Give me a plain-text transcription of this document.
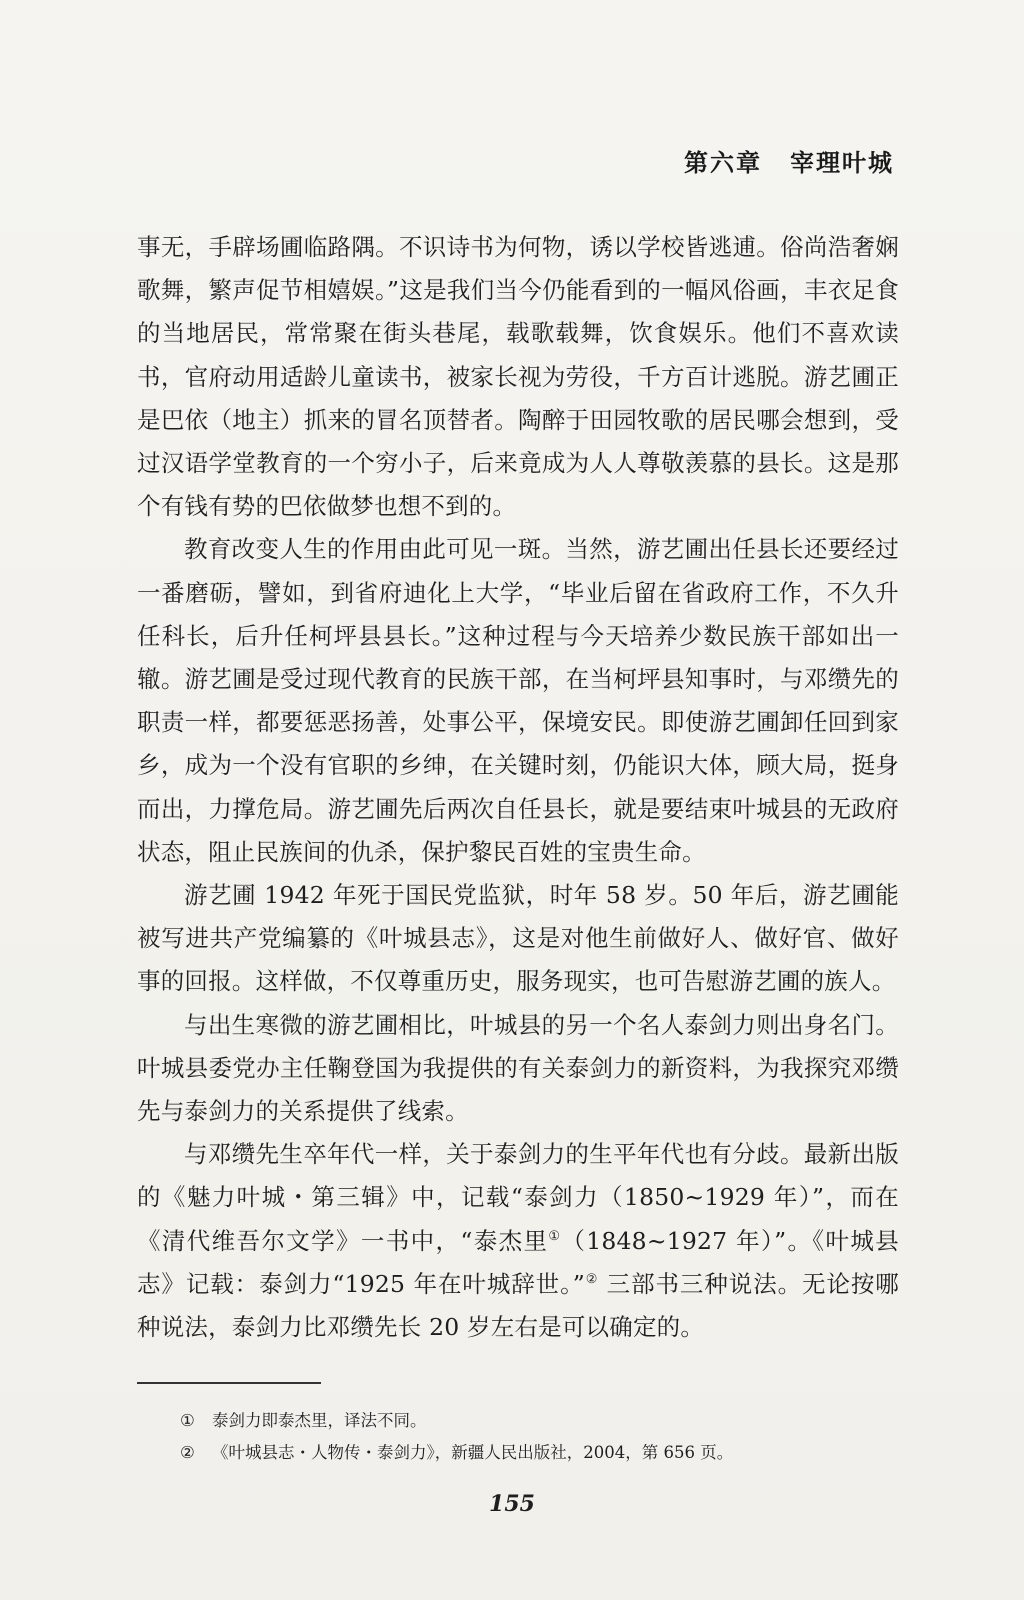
第六章 宰理叶城

事无，手辟场圃临路隅。不识诗书为何物，诱以学校皆逃逋。俗尚浩奢娴歌舞，繁声促节相嬉娱。”这是我们当今仍能看到的一幅风俗画，丰衣足食的当地居民，常常聚在街头巷尾，载歌载舞，饮食娱乐。他们不喜欢读书，官府动用适龄儿童读书，被家长视为劳役，千方百计逃脱。游艺圃正是巴依（地主）抓来的冒名顶替者。陶醉于田园牧歌的居民哪会想到，受过汉语学堂教育的一个穷小子，后来竟成为人人尊敬羡慕的县长。这是那个有钱有势的巴依做梦也想不到的。

教育改变人生的作用由此可见一斑。当然，游艺圃出任县长还要经过一番磨砺，譬如，到省府迪化上大学，“毕业后留在省政府工作，不久升任科长，后升任柯坪县县长。”这种过程与今天培养少数民族干部如出一辙。游艺圃是受过现代教育的民族干部，在当柯坪县知事时，与邓缵先的职责一样，都要惩恶扬善，处事公平，保境安民。即使游艺圃卸任回到家乡，成为一个没有官职的乡绅，在关键时刻，仍能识大体，顾大局，挺身而出，力撑危局。游艺圃先后两次自任县长，就是要结束叶城县的无政府状态，阻止民族间的仇杀，保护黎民百姓的宝贵生命。

游艺圃 1942 年死于国民党监狱，时年 58 岁。50 年后，游艺圃能被写进共产党编纂的《叶城县志》，这是对他生前做好人、做好官、做好事的回报。这样做，不仅尊重历史，服务现实，也可告慰游艺圃的族人。

与出生寒微的游艺圃相比，叶城县的另一个名人泰剑力则出身名门。叶城县委党办主任鞠登国为我提供的有关泰剑力的新资料，为我探究邓缵先与泰剑力的关系提供了线索。

与邓缵先生卒年代一样，关于泰剑力的生平年代也有分歧。最新出版的《魅力叶城・第三辑》中，记载“泰剑力（1850~1929 年）”，而在《清代维吾尔文学》一书中，“泰杰里①（1848~1927 年）”。《叶城县志》记载：泰剑力“1925 年在叶城辞世。”② 三部书三种说法。无论按哪种说法，泰剑力比邓缵先长 20 岁左右是可以确定的。

① 泰剑力即泰杰里，译法不同。
② 《叶城县志・人物传・泰剑力》，新疆人民出版社，2004，第 656 页。
155
